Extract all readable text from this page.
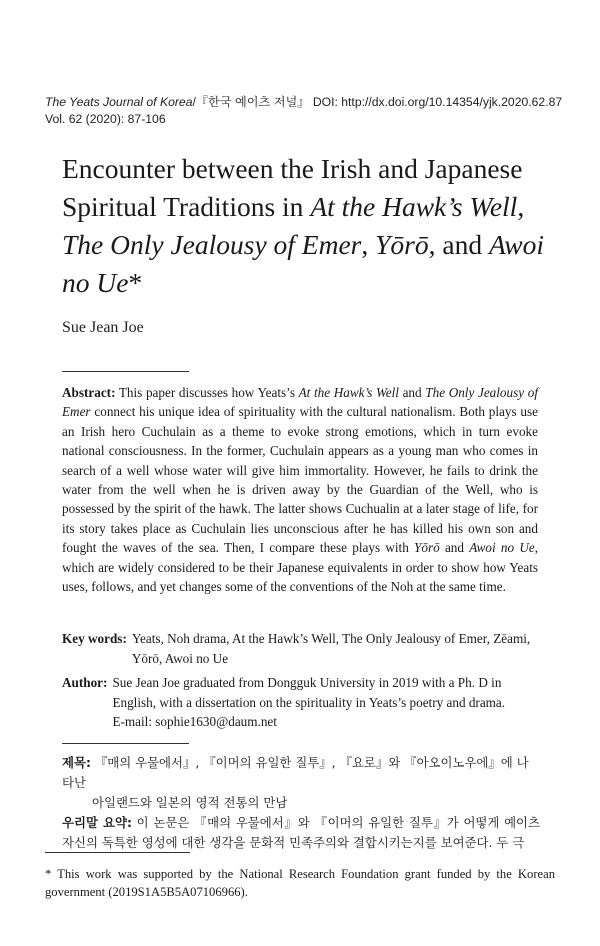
The Yeats Journal of Korea/『한국 예이츠 저널』 DOI: http://dx.doi.org/10.14354/yjk.2020.62.87
Vol. 62 (2020): 87-106
Encounter between the Irish and Japanese Spiritual Traditions in At the Hawk’s Well, The Only Jealousy of Emer, Yōrō, and Awoi no Ue*
Sue Jean Joe
Abstract: This paper discusses how Yeats’s At the Hawk’s Well and The Only Jealousy of Emer connect his unique idea of spirituality with the cultural nationalism. Both plays use an Irish hero Cuchulain as a theme to evoke strong emotions, which in turn evoke national consciousness. In the former, Cuchulain appears as a young man who comes in search of a well whose water will give him immortality. However, he fails to drink the water from the well when he is driven away by the Guardian of the Well, who is possessed by the spirit of the hawk. The latter shows Cuchualin at a later stage of life, for its story takes place as Cuchulain lies unconscious after he has killed his own son and fought the waves of the sea. Then, I compare these plays with Yōrō and Awoi no Ue, which are widely considered to be their Japanese equivalents in order to show how Yeats uses, follows, and yet changes some of the conventions of the Noh at the same time.
Key words: Yeats, Noh drama, At the Hawk’s Well, The Only Jealousy of Emer, Zēami, Yōrō, Awoi no Ue
Author: Sue Jean Joe graduated from Dongguk University in 2019 with a Ph. D in English, with a dissertation on the spirituality in Yeats’s poetry and drama.
E-mail: sophie1630@daum.net
제목: 『매의 우물에서』, 『이머의 유일한 질투』, 『요로』와 『아오이노우에』에 나타난
아일랜드와 일본의 영적 전통의 만남
우리말 요약: 이 논문은 『매의 우물에서』와 『이머의 유일한 질투』가 어떻게 예이츠 자신의 독특한 영성에 대한 생각을 문화적 민족주의와 결합시키는지를 보여준다. 두 극
* This work was supported by the National Research Foundation grant funded by the Korean government (2019S1A5B5A07106966).
